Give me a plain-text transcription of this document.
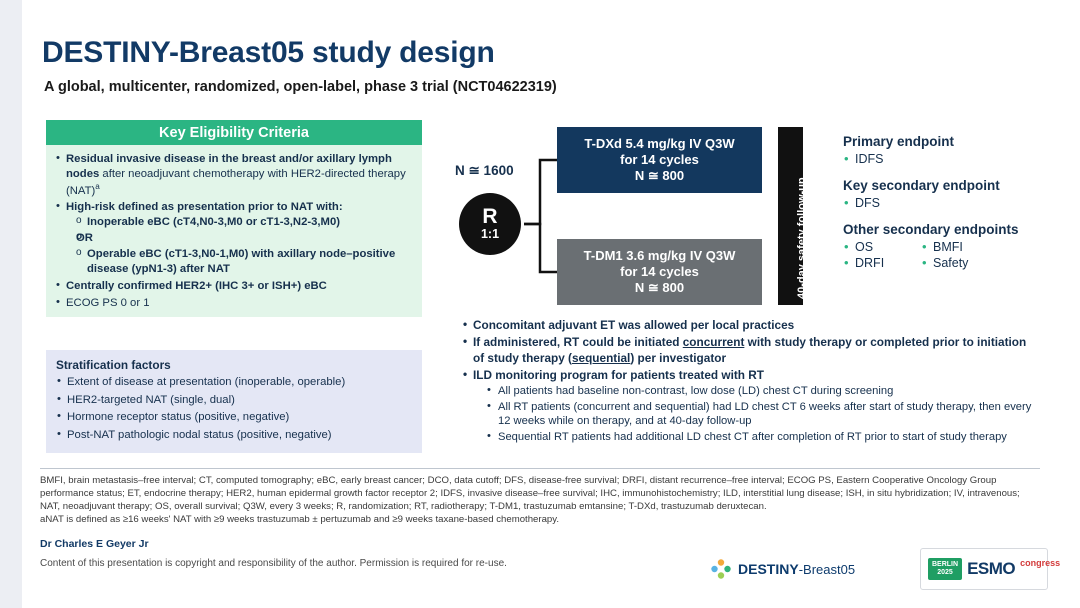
DESTINY-Breast05 study design
A global, multicenter, randomized, open-label, phase 3 trial (NCT04622319)
Key Eligibility Criteria
• Residual invasive disease in the breast and/or axillary lymph nodes after neoadjuvant chemotherapy with HER2-directed therapy (NAT)$^a$
• High-risk defined as presentation prior to NAT with:
o Inoperable eBC (cT4,N0-3,M0 or cT1-3,N2-3,M0)
o OR
o Operable eBC (cT1-3,N0-1,M0) with axillary node–positive disease (ypN1-3) after NAT
• Centrally confirmed HER2+ (IHC 3+ or ISH+) eBC
• ECOG PS 0 or 1
Stratification factors
• Extent of disease at presentation (inoperable, operable)
• HER2-targeted NAT (single, dual)
• Hormone receptor status (positive, negative)
• Post-NAT pathologic nodal status (positive, negative)
N ≅ 1600
R
1:1
T-DXd 5.4 mg/kg IV Q3W
for 14 cycles
N ≅ 800
T-DM1 3.6 mg/kg IV Q3W
for 14 cycles
N ≅ 800	40-day safety follow-up
Primary endpoint
• IDFS
Key secondary endpoint
• DFS
Other secondary endpoints
• OS
• DRFI
• BMFI
• Safety
• Concomitant adjuvant ET was allowed per local practices
• If administered, RT could be initiated concurrent with study therapy or completed prior to initiation of study therapy (sequential) per investigator
• ILD monitoring program for patients treated with RT
• All patients had baseline non-contrast, low dose (LD) chest CT during screening
• All RT patients (concurrent and sequential) had LD chest CT 6 weeks after start of study therapy, then every 12 weeks while on therapy, and at 40-day follow-up
• Sequential RT patients had additional LD chest CT after completion of RT prior to start of study therapy
BMFI, brain metastasis–free interval; CT, computed tomography; eBC, early breast cancer; DCO, data cutoff; DFS, disease-free survival; DRFI, distant recurrence–free interval; ECOG PS, Eastern Cooperative Oncology Group performance status; ET, endocrine therapy; HER2, human epidermal growth factor receptor 2; IDFS, invasive disease–free survival; IHC, immunohistochemistry; ILD, interstitial lung disease; ISH, in situ hybridization; IV, intravenous; NAT, neoadjuvant therapy; OS, overall survival; Q3W, every 3 weeks; R, randomization; RT, radiotherapy; T-DM1, trastuzumab emtansine; T-DXd, trastuzumab deruxtecan.
aNAT is defined as ≥16 weeks' NAT with ≥9 weeks trastuzumab ± pertuzumab and ≥9 weeks taxane-based chemotherapy.
Dr Charles E Geyer Jr
Content of this presentation is copyright and responsibility of the author. Permission is required for re-use.	DESTINY-Breast05	BERLIN
2025 ESMO congress
